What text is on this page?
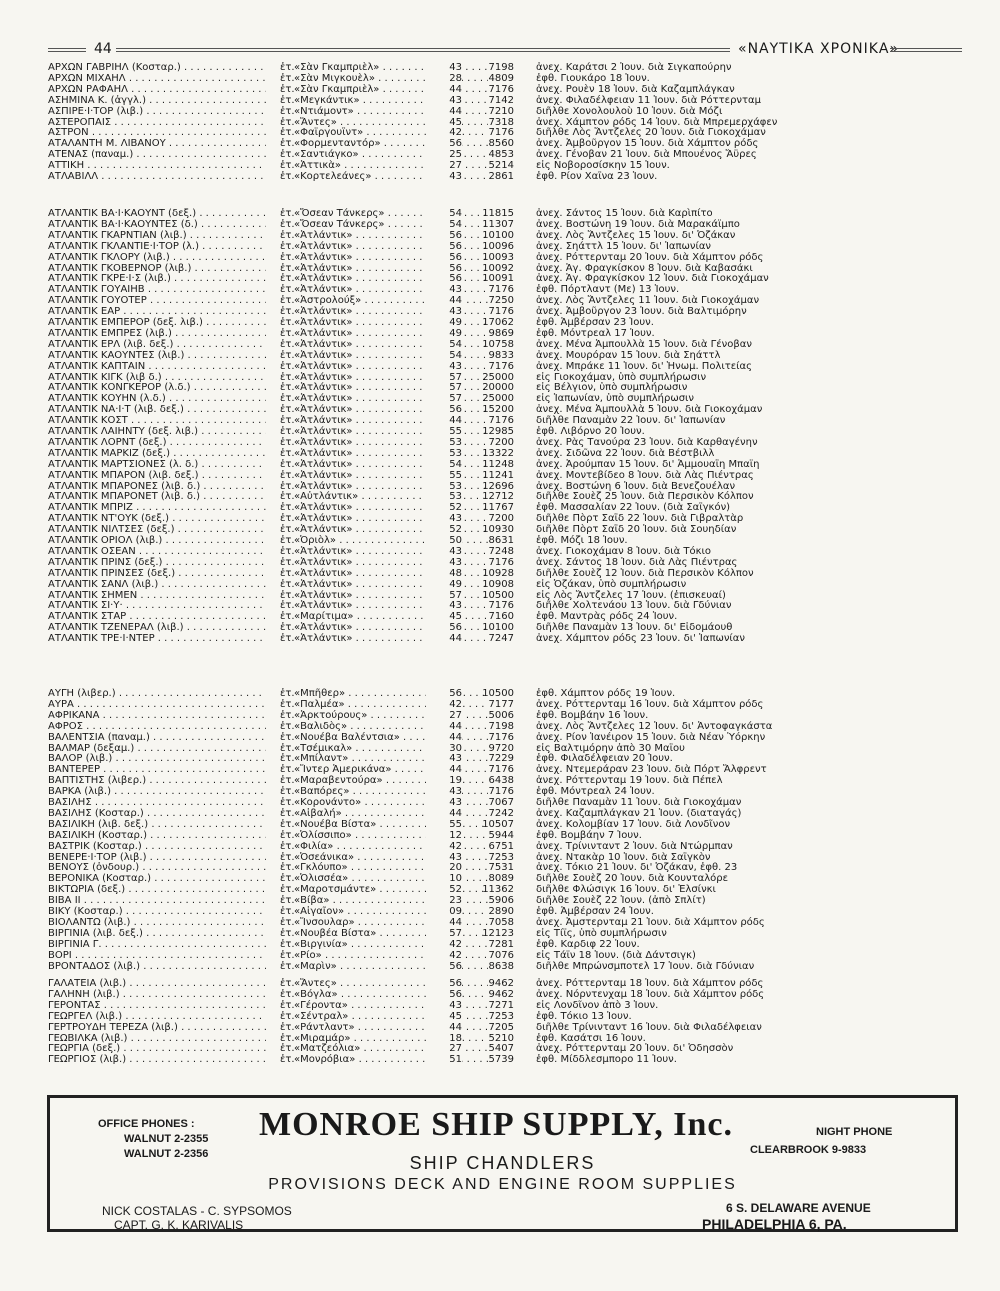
44	«ΝΑΥΤΙΚΑ ΧΡΟΝΙΚΑ»
ΑΡΧΩΝ ΓΑΒΡΙΗΛ (Κοσταρ.) . . .	ἐτ. «Σὰν Γκαμπριὲλ» . . .	43	7198 ἀνεχ. Καράτσι 2 Ἰουν. διὰ Σιγκαπούρην
ΑΡΧΩΝ ΜΙΧΑΗΛ . . .	ἐτ. «Σὰν Μιγκουὲλ» . . .	28	4809 ἐφθ. Γιουκάρο 18 Ἰουν.
ΑΡΧΩΝ ΡΑΦΑΗΛ . . .	ἐτ. «Σὰν Γκαμπριὲλ» . . .	44	7176 ἀνεχ. Ρουὲν 18 Ἰουν. διὰ Καζαμπλάγκαν
ΑΣΗΜΙΝΑ Κ. (ἀγγλ.) . . .	ἐτ. «Μεγκάντικ» . . .	43	7142 ἀνεχ. Φιλαδέλφειαν 11 Ἰουν. διὰ Ρόττερνταμ
ΑΣΠΙΡΕ·Ι·ΤΟΡ (λιβ.) . . .	ἐτ. «Ντιάμοντ» . . .	44	7210 διῆλθε Χονολουλοὺ 10 Ἰουν. διὰ Μόζι
ΑΣΤΕΡΟΠΑΙΣ . . .	ἐτ. «Ἄντες» . . .	45	7318 ἀνεχ. Χάμπτον ρόδς 14 Ἰουν. διὰ Μπρεμερχάφεν
ΑΣΤΡΟΝ . . .	ἐτ. «Φαϊργουΐντ» . . .	42	7176 διῆλθε Λὸς Ἄντζελες 20 Ἰουν. διὰ Γιοκοχάμαν
ΑΤΑΛΑΝΤΗ Μ. ΛΙΒΑΝΟΥ . . .	ἐτ. «Φορμενταντόρ» . . .	56	8560 ἀνεχ. Ἀμβοῦργον 15 Ἰουν. διὰ Χάμπτον ρόδς
ΑΤΕΝΑΣ (παναμ.) . . .	ἐτ. «Σαντιάγκο» . . .	25	4853 ἀνεχ. Γένοβαν 21 Ἰουν. διὰ Μπουένος Ἄϋρες
ΑΤΤΙΚΗ . . .	ἐτ. «Ἀττικὰ» . . .	27	5214 εἰς Νοβοροσίσκην 15 Ἰουν.
ΑΤΛΑΒΙΛΛ . . .	ἐτ. «Κορτελεάνες» . . .	43	2861 ἐφθ. Ρίον Χαΐνα 23 Ἰουν.
ΑΤΛΑΝΤΙΚ ΒΑ·Ι·ΚΑΟΥΝΤ (δεξ.) . . .	ἐτ. «Ὄσεαν Τάνκερς» . . .	54	11815 ἀνεχ. Σάντος 15 Ἰουν. διὰ Καρὶπίτο
ΑΤΛΑΝΤΙΚ ΒΑ·Ι·ΚΑΟΥΝΤΕΣ (δ.) . . .	ἐτ. «Ὄσεαν Τάνκερς» . . .	54	11307 ἀνεχ. Βοστώνη 19 Ἰουν. διὰ Μαρακάϊμπο
ΑΤΛΑΝΤΙΚ ΓΚΑΡΝΤΙΑΝ (λιβ.) . . .	ἐτ. «Ἀτλάντικ» . . .	56	10100 ἀνεχ. Λὸς Ἄντζελες 15 Ἰουν. δι' Ὀζάκαν
ΑΤΛΑΝΤΙΚ ΓΚΛΑΝΤΙΕ·Ι·ΤΟΡ (λ.) . . .	ἐτ. «Ἀτλάντικ» . . .	56	10096 ἀνεχ. Σηάττλ 15 Ἰουν. δι' Ἰαπωνίαν
ΑΤΛΑΝΤΙΚ ΓΚΛΟΡΥ (λιβ.) . . .	ἐτ. «Ἀτλάντικ» . . .	56	10093 ἀνεχ. Ρόττερνταμ 20 Ἰουν. διὰ Χάμπτον ρόδς
ΑΤΛΑΝΤΙΚ ΓΚΟΒΕΡΝΟΡ (λιβ.) . . .	ἐτ. «Ἀτλάντικ» . . .	56	10092 ἀνεχ. Ἁγ. Φραγκίσκον 8 Ἰουν. διὰ Καβασάκι
ΑΤΛΑΝΤΙΚ ΓΚΡΕ·Ι·Σ (λιβ.) . . .	ἐτ. «Ἀτλάντικ» . . .	56	10091 ἀνεχ. Ἁγ. Φραγκίσκον 12 Ἰουν. διὰ Γιοκοχάμαν
ΑΤΛΑΝΤΙΚ ΓΟΥΑΙΗΒ . . .	ἐτ. «Ἀτλάντικ» . . .	43	7176 ἐφθ. Πόρτλαντ (Με) 13 Ἰουν.
ΑΤΛΑΝΤΙΚ ΓΟΥΟΤΕΡ . . .	ἐτ. «Ἀστρολούξ» . . .	44	7250 ἀνεχ. Λὸς Ἄντζελες 11 Ἰουν. διὰ Γιοκοχάμαν
ΑΤΛΑΝΤΙΚ ΕΑΡ . . .	ἐτ. «Ἀτλάντικ» . . .	43	7176 ἀνεχ. Ἀμβοῦργον 23 Ἰουν. διὰ Βαλτιμόρην
ΑΤΛΑΝΤΙΚ ΕΜΠΕΡΟΡ (δεξ. λιβ.) . . .	ἐτ. «Ἀτλάντικ» . . .	49	17062 ἐφθ. Ἀμβέρσαν 23 Ἰουν.
ΑΤΛΑΝΤΙΚ ΕΜΠΡΕΣ (λιβ.) . . .	ἐτ. «Ἀτλάντικ» . . .	49	9869 ἐφθ. Μόντρεαλ 17 Ἰουν.
ΑΤΛΑΝΤΙΚ ΕΡΛ (λιβ. δεξ.) . . .	ἐτ. «Ἀτλάντικ» . . .	54	10758 ἀνεχ. Μένα Ἀμπουλλὰ 15 Ἰουν. διὰ Γένοβαν
ΑΤΛΑΝΤΙΚ ΚΑΟΥΝΤΕΣ (λιβ.) . . .	ἐτ. «Ἀτλάντικ» . . .	54	9833 ἀνεχ. Μουρόραν 15 Ἰουν. διὰ Σηάττλ
ΑΤΛΑΝΤΙΚ ΚΑΠΤΑΙΝ . . .	ἐτ. «Ἀτλάντικ» . . .	43	7176 ἀνεχ. Μπράκε 11 Ἰουν. δι' Ἡνωμ. Πολιτείας
ΑΤΛΑΝΤΙΚ ΚΙΓΚ (λιβ δ.) . . .	ἐτ. «Ἀτλάντικ» . . .	57	25000 εἰς Γιοκοχάμαν, ὑπὸ συμπλήρωσιν
ΑΤΛΑΝΤΙΚ ΚΟΝΓΚΕΡΟΡ (λ.δ.) . . .	ἐτ. «Ἀτλάντικ» . . .	57	20000 εἰς Βέλγιον, ὑπὸ συμπλήρωσιν
ΑΤΛΑΝΤΙΚ ΚΟΥΗΝ (λ.δ.) . . .	ἐτ. «Ἀτλάντικ» . . .	57	25000 εἰς Ἰαπωνίαν, ὑπὸ συμπλήρωσιν
ΑΤΛΑΝΤΙΚ ΝΑ·Ι·Τ (λιβ. δεξ.) . . .	ἐτ. «Ἀτλάντικ» . . .	56	15200 ἀνεχ. Μένα Ἀμπουλλὰ 5 Ἰουν. διὰ Γιοκοχάμαν
ΑΤΛΑΝΤΙΚ ΚΟΣΤ . . .	ἐτ. «Ἀτλάντικ» . . .	44	7176 διῆλθε Παναμὰν 22 Ἰουν. δι' Ἰαπωνίαν
ΑΤΛΑΝΤΙΚ ΛΑΙΗΝΤΥ (δεξ. λιβ.) . . .	ἐτ. «Ἀτλάντικ» . . .	55	12985 ἐφθ. Λιβόρνο 20 Ἰουν.
ΑΤΛΑΝΤΙΚ ΛΟΡΝΤ (δεξ.) . . .	ἐτ. «Ἀτλάντικ» . . .	53	7200 ἀνεχ. Ρὰς Τανούρα 23 Ἰουν. διὰ Καρθαγένην
ΑΤΛΑΝΤΙΚ ΜΑΡΚΙΖ (δεξ.) . . .	ἐτ. «Ἀτλάντικ» . . .	53	13322 ἀνεχ. Σιδῶνα 22 Ἰουν. διὰ Βέστβιλλ
ΑΤΛΑΝΤΙΚ ΜΑΡΤΣΙΟΝΕΣ (λ. δ.) . . .	ἐτ. «Ἀτλάντικ» . . .	54	11248 ἀνεχ. Ἀρούμπαν 15 Ἰουν. δι' Ἀμμουαΐη Μπαϊη
ΑΤΛΑΝΤΙΚ ΜΠΑΡΟΝ (λιβ. δεξ.) . . .	ἐτ. «Ἀτλάντικ» . . .	55	11241 ἀνεχ. Μοντεβίδεο 8 Ἰουν. διὰ Λὰς Πιέντρας
ΑΤΛΑΝΤΙΚ ΜΠΑΡΟΝΕΣ (λιβ. δ.) . . .	ἐτ. «Ἀτλάντικ» . . .	53	12696 ἀνεχ. Βοστώνη 6 Ἰουν. διὰ Βενεζουέλαν
ΑΤΛΑΝΤΙΚ ΜΠΑΡΟΝΕΤ (λιβ. δ.) . . .	ἐτ. «Αὐτλάντικ» . . .	53	12712 διῆλθε Σουὲζ 25 Ἰουν. διὰ Περσικὸν Κόλπον
ΑΤΛΑΝΤΙΚ ΜΠΡΙΖ . . .	ἐτ. «Ἀτλάντικ» . . .	52	11767 ἐφθ. Μασσαλίαν 22 Ἰουν. (διὰ Σαΐγκόν)
ΑΤΛΑΝΤΙΚ ΝΤ'ΟΥΚ (δεξ.) . . .	ἐτ. «Ἀτλάντικ» . . .	43	7200 διῆλθε Πὸρτ Σαΐδ 22 Ἰουν. διὰ Γιβραλτὰρ
ΑΤΛΑΝΤΙΚ ΝΙΛΤΣΕΣ (δεξ.) . . .	ἐτ. «Ἀτλάντικ» . . .	52	10930 διῆλθε Πὸρτ Σαΐδ 20 Ἰουν. διὰ Σουηδίαν
ΑΤΛΑΝΤΙΚ ΟΡΙΟΛ (λιβ.) . . .	ἐτ. «Ὀριὸλ» . . .	50	8631 ἐφθ. Μόζι 18 Ἰουν.
ΑΤΛΑΝΤΙΚ ΟΣΕΑΝ . . .	ἐτ. «Ἀτλάντικ» . . .	43	7248 ἀνεχ. Γιοκοχάμαν 8 Ἰουν. διὰ Τόκιο
ΑΤΛΑΝΤΙΚ ΠΡΙΝΣ (δεξ.) . . .	ἐτ. «Ἀτλάντικ» . . .	43	7176 ἀνεχ. Σάντος 18 Ἰουν. διὰ Λὰς Πιέντρας
ΑΤΛΑΝΤΙΚ ΠΡΙΝΣΕΣ (δεξ.) . . .	ἐτ. «Ἀτλάντικ» . . .	48	10928 διῆλθε Σουὲζ 12 Ἰουν. διὰ Περσικὸν Κόλπον
ΑΤΛΑΝΤΙΚ ΣΑΝΛ (λιβ.) . . .	ἐτ. «Ἀτλάντικ» . . .	49	10908 εἰς Ὀζάκαν, ὑπὸ συμπλήρωσιν
ΑΤΛΑΝΤΙΚ ΣΗΜΕΝ . . .	ἐτ. «Ἀτλάντικ» . . .	57	10500 εἰς Λὸς Ἄντζελες 17 Ἰουν. (ἐπισκευαί)
ΑΤΛΑΝΤΙΚ ΣΙ·Υ· . . .	ἐτ. «Ἀτλάντικ» . . .	43	7176 διῆλθε Χολτενάου 13 Ἰουν. διὰ Γδύνιαν
ΑΤΛΑΝΤΙΚ ΣΤΑΡ . . .	ἐτ. «Μαρίτιμα» . . .	45	7160 ἐφθ. Μαντρὰς ρόδς 24 Ἰουν.
ΑΤΛΑΝΤΙΚ ΤΖΕΝΕΡΑΛ (λιβ.) . . .	ἐτ. «Ἀτλάντικ» . . .	56	10100 διῆλθε Παναμὰν 13 Ἰουν. δι' Εἰδομάουθ
ΑΤΛΑΝΤΙΚ ΤΡΕ·Ι·ΝΤΕΡ . . .	ἐτ. «Ἀτλάντικ» . . .	44	7247 ἀνεχ. Χάμπτον ρόδς 23 Ἰουν. δι' Ἰαπωνίαν
ΑΥΓΗ (λιβερ.) . . .	ἐτ. «Μπῆθερ» . . .	56	10500 ἐφθ. Χάμπτον ρόδς 19 Ἰουν.
ΑΥΡΑ . . .	ἐτ. «Παλμέα» . . .	42	7177 ἀνεχ. Ρόττερνταμ 16 Ἰουν. διὰ Χάμπτον ρόδς
ΑΦΡΙΚΑΝΑ . . .	ἐτ. «Ἀρκτούρους» . . .	27	5006 ἐφθ. Βομβάην 16 Ἰουν.
ΑΦΡΟΣ . . .	ἐτ. «Βαλιδὸς» . . .	44	7198 ἀνεχ. Λὸς Ἄντζελες 12 Ἰουν. δι' Ἀντοφαγκάστα
ΒΑΛΕΝΤΣΙΑ (παναμ.) . . .	ἐτ. «Νουέβα Βαλέντσια» . . .	44	7176 ἀνεχ. Ρίον Ἰανέιρον 15 Ἰουν. διὰ Νέαν Ὑόρκην
ΒΑΛΜΑΡ (δεξαμ.) . . .	ἐτ. «Τσέμικαλ» . . .	30	9720 εἰς Βαλτιμόρην ἀπὸ 30 Μαΐου
ΒΑΛΟΡ (λιβ.) . . .	ἐτ. «Μπίλαντ» . . .	43	7229 ἐφθ. Φιλαδέλφειαν 20 Ἰουν.
ΒΑΝΤΕΡΕΡ . . .	ἐτ. «Ἴντερ Ἀμερικάνα» . . .	44	7176 ἀνεχ. Ντεμεράραν 23 Ἰουν. διὰ Πόρτ Ἄλφρεντ
ΒΑΠΤΙΣΤΗΣ (λιβερ.) . . .	ἐτ. «Μαραβεντούρα» . . .	19	6438 ἀνεχ. Ρόττερνταμ 19 Ἰουν. διὰ Πέπελ
ΒΑΡΚΑ (λιβ.) . . .	ἐτ. «Βαπόρες» . . .	43	7176 ἐφθ. Μόντρεαλ 24 Ἰουν.
ΒΑΣΙΛΗΣ . . .	ἐτ. «Κορονάντο» . . .	43	7067 διῆλθε Παναμὰν 11 Ἰουν. διὰ Γιοκοχάμαν
ΒΑΣΙΛΗΣ (Κοσταρ.) . . .	ἐτ. «Αἰβαλή» . . .	44	7242 ἀνεχ. Καζαμπλάγκαν 21 Ἰουν. (διαταγάς)
ΒΑΣΙΛΙΚΗ (λιβ. δεξ.) . . .	ἐτ. «Νουέβα Βίστα» . . .	55	10507 ἀνεχ. Κολομβίαν 17 Ἰουν. διὰ Λονδῖνον
ΒΑΣΙΛΙΚΗ (Κοσταρ.) . . .	ἐτ. «Ὀλίσσιπο» . . .	12	5944 ἐφθ. Βομβάην 7 Ἰουν.
ΒΑΣΤΡΙΚ (Κοσταρ.) . . .	ἐτ. «Φιλία» . . .	42	6751 ἀνεχ. Τρίνινταντ 2 Ἰουν. διὰ Ντώρμπαν
ΒΕΝΕΡΕ·Ι·ΤΟΡ (λιβ.) . . .	ἐτ. «Ὀσεάνικα» . . .	43	7253 ἀνεχ. Ντακὰρ 10 Ἰουν. διὰ Σαΐγκὸν
ΒΕΝΟΥΣ (ὀνδουρ.) . . .	ἐτ. «Γκλόυπο» . . .	20	7531 ἀνεχ. Τόκιο 21 Ἰουν. δι' Ὀζάκαν, ἐφθ. 23
ΒΕΡΟΝΙΚΑ (Κοσταρ.) . . .	ἐτ. «Ὀλισσέα» . . .	10	8089 διῆλθε Σουὲζ 20 Ἰουν. διὰ Κουνταλόρε
ΒΙΚΤΩΡΙΑ (δεξ.) . . .	ἐτ. «Μαροτσμάντε» . . .	52	11362 διῆλθε Φλώσιγκ 16 Ἰουν. δι' Ἐλσίνκι
ΒΙΒΑ ΙΙ . . .	ἐτ. «Βίβα» . . .	23	5906 διῆλθε Σουὲζ 22 Ἰουν. (ἀπὸ Σπλίτ)
ΒΙΚΥ (Κοσταρ.) . . .	ἐτ. «Αἰγαῖον» . . .	09	2890 ἐφθ. Ἀμβέρσαν 24 Ἰουν.
ΒΙΟΛΑΝΤΩ (λιβ.) . . .	ἐτ. «Ἴνσουλαρ» . . .	44	7058 ἀνεχ. Ἀμστερνταμ 21 Ἰουν. διὰ Χάμπτον ρόδς
ΒΙΡΓΙΝΙΑ (λιβ. δεξ.) . . .	ἐτ. «Νουβέα Βίστα» . . .	57	12123 εἰς Τίϊς, ὑπὸ συμπλήρωσιν
ΒΙΡΓΙΝΙΑ Γ. . . .	ἐτ. «Βιργινία» . . .	42	7281 ἐφθ. Καρδιφ 22 Ἰουν.
ΒΟΡΙ . . .	ἐτ. «Ρίο» . . .	42	7076 εἰς Τάϊν 18 Ἰουν. (διὰ Δάντσιγκ)
ΒΡΟΝΤΑΔΟΣ (λιβ.) . . .	ἐτ. «Μαρὶν» . . .	56	8638 διῆλθε Μπρώνσμποτελ 17 Ἰουν. διὰ Γδύνιαν
ΓΑΛΑΤΕΙΑ (λιβ.) . . .	ἐτ. «Ἄντες» . . .	56	9462 ἀνεχ. Ρόττερνταμ 18 Ἰουν. διὰ Χάμπτον ρόδς
ΓΑΛΗΝΗ (λιβ.) . . .	ἐτ. «Βόγλα» . . .	56	9462 ἀνεχ. Νόρντενχαμ 18 Ἰουν. διὰ Χάμπτον ρόδς
ΓΕΡΟΝΤΑΣ . . .	ἐτ. «Γέροντα» . . .	43	7271 εἰς Λονδῖνον ἀπὸ 3 Ἰουν.
ΓΕΩΡΓΕΛ (λιβ.) . . .	ἐτ. «Σέντραλ» . . .	45	7253 ἐφθ. Τόκιο 13 Ἰουν.
ΓΕΡΤΡΟΥΔΗ ΤΕΡΕΖΑ (λιβ.) . . .	ἐτ. «Ράντλαντ» . . .	44	7205 διῆλθε Τρίνινταντ 16 Ἰουν. διὰ Φιλαδέλφειαν
ΓΕΩΒΙΛΚΑ (λιβ.) . . .	ἐτ. «Μιραμάρ» . . .	18	5210 ἐφθ. Κασάτσι 16 Ἰουν.
ΓΕΩΡΓΙΑ (δεξ.) . . .	ἐτ. «Ματζεόλια» . . .	27	5407 ἀνεχ. Ρόττερνταμ 20 Ἰουν. δι' Ὀδησσὸν
ΓΕΩΡΓΙΟΣ (λιβ.) . . .	ἐτ. «Μονρόβια» . . .	51	5739 ἐφθ. Μίδδλεσμπορο 11 Ἰουν.
OFFICE PHONES :
WALNUT 2-2355
WALNUT 2-2356
MONROE SHIP SUPPLY, Inc.
SHIP CHANDLERS
PROVISIONS DECK AND ENGINE ROOM SUPPLIES
NIGHT PHONE
CLEARBROOK 9-9833
NICK COSTALAS - C. SYPSOMOS
CAPT. G. K. KARIVALIS
6 S. DELAWARE AVENUE
PHILADELPHIA 6, PA.
